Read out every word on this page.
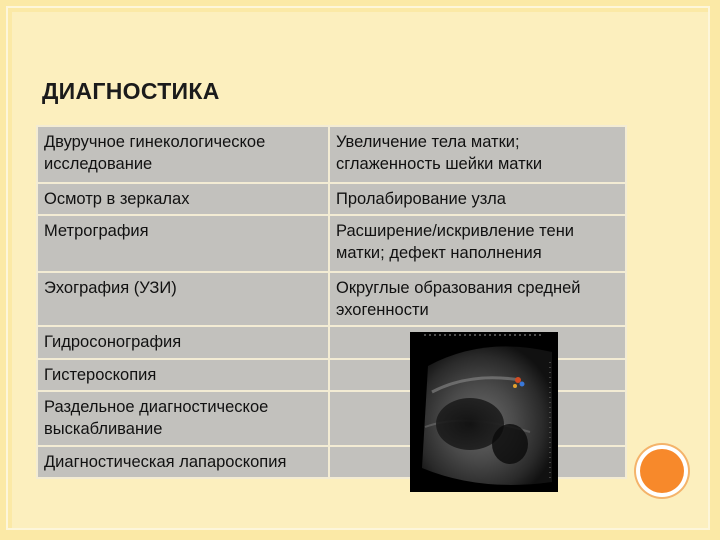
ДИАГНОСТИКА
Двуручное гинекологическое исследование	Увеличение тела матки; сглаженность шейки матки
Осмотр в зеркалах	Пролабирование узла
Метрография	Расширение/искривление тени матки; дефект наполнения
Эхография (УЗИ)	Округлые образования средней эхогенности
Гидросонография	
Гистероскопия	
Раздельное диагностическое выскабливание	
Диагностическая лапароскопия	
